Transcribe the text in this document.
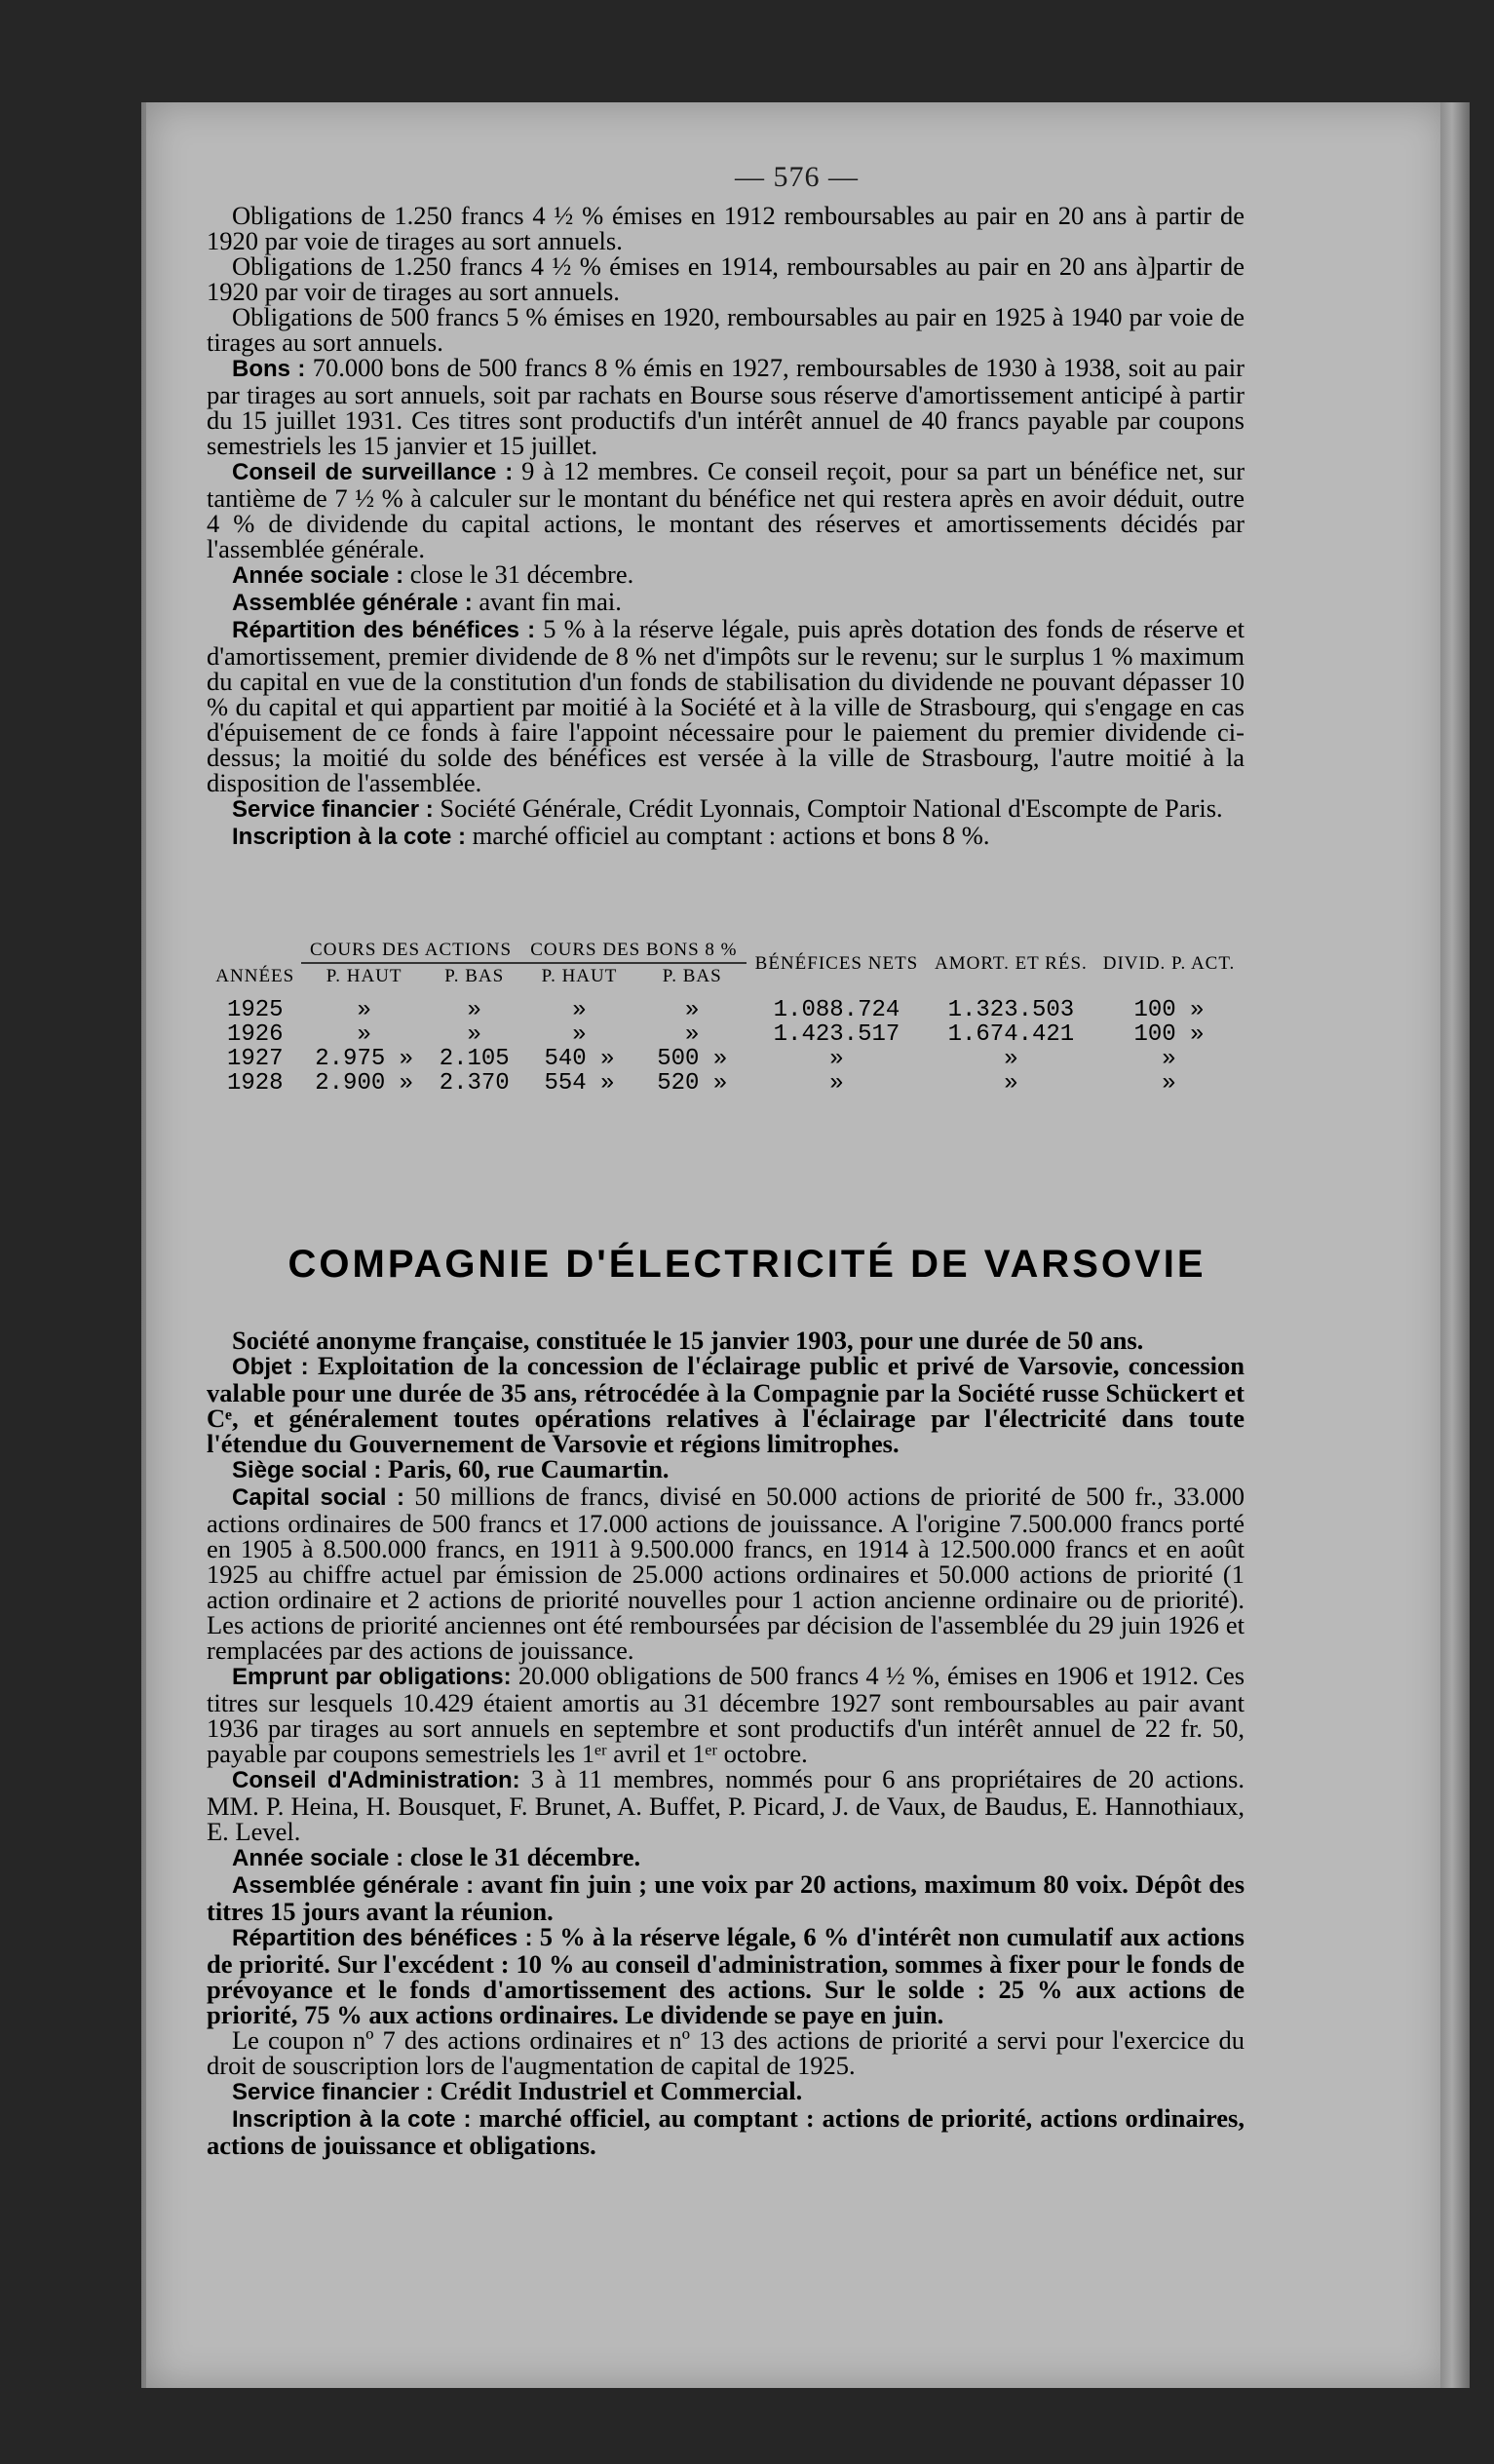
— 576 —

Obligations de 1.250 francs 4 ½ % émises en 1912 remboursables au pair en 20 ans à partir de 1920 par voie de tirages au sort annuels.

Obligations de 1.250 francs 4 ½ % émises en 1914, remboursables au pair en 20 ans à]partir de 1920 par voir de tirages au sort annuels.

Obligations de 500 francs 5 % émises en 1920, remboursables au pair en 1925 à 1940 par voie de tirages au sort annuels.

Bons : 70.000 bons de 500 francs 8 % émis en 1927, remboursables de 1930 à 1938, soit au pair par tirages au sort annuels, soit par rachats en Bourse sous réserve d'amortissement anticipé à partir du 15 juillet 1931. Ces titres sont productifs d'un intérêt annuel de 40 francs payable par coupons semestriels les 15 janvier et 15 juillet.

Conseil de surveillance : 9 à 12 membres. Ce conseil reçoit, pour sa part un bénéfice net, sur tantième de 7 ½ % à calculer sur le montant du bénéfice net qui restera après en avoir déduit, outre 4 % de dividende du capital actions, le montant des réserves et amortissements décidés par l'assemblée générale.

Année sociale : close le 31 décembre.

Assemblée générale : avant fin mai.

Répartition des bénéfices : 5 % à la réserve légale, puis après dotation des fonds de réserve et d'amortissement, premier dividende de 8 % net d'impôts sur le revenu; sur le surplus 1 % maximum du capital en vue de la constitution d'un fonds de stabilisation du dividende ne pouvant dépasser 10 % du capital et qui appartient par moitié à la Société et à la ville de Strasbourg, qui s'engage en cas d'épuisement de ce fonds à faire l'appoint nécessaire pour le paiement du premier dividende ci-dessus; la moitié du solde des bénéfices est versée à la ville de Strasbourg, l'autre moitié à la disposition de l'assemblée.

Service financier : Société Générale, Crédit Lyonnais, Comptoir National d'Escompte de Paris.

Inscription à la cote : marché officiel au comptant : actions et bons 8 %.

	COURS DES ACTIONS		COURS DES BONS 8 %		BÉNÉFICES NETS	AMORT. ET RÉS.	DIVID. P. ACT.
ANNÉES	P. HAUT	P. BAS	P. HAUT	P. BAS			

1925	»	»	»	»	1.088.724	1.323.503	100 »
1926	»	»	»	»	1.423.517	1.674.421	100 »
1927	2.975 »	2.105	540 »	500 »	»	»	»
1928	2.900 »	2.370	554 »	520 »	»	»	»
COMPAGNIE D'ÉLECTRICITÉ DE VARSOVIE

Société anonyme française, constituée le 15 janvier 1903, pour une durée de 50 ans.

Objet : Exploitation de la concession de l'éclairage public et privé de Varsovie, concession valable pour une durée de 35 ans, rétrocédée à la Compagnie par la Société russe Schückert et Cᵉ, et généralement toutes opérations relatives à l'éclairage par l'électricité dans toute l'étendue du Gouvernement de Varsovie et régions limitrophes.

Siège social : Paris, 60, rue Caumartin.

Capital social : 50 millions de francs, divisé en 50.000 actions de priorité de 500 fr., 33.000 actions ordinaires de 500 francs et 17.000 actions de jouissance. A l'origine 7.500.000 francs porté en 1905 à 8.500.000 francs, en 1911 à 9.500.000 francs, en 1914 à 12.500.000 francs et en août 1925 au chiffre actuel par émission de 25.000 actions ordinaires et 50.000 actions de priorité (1 action ordinaire et 2 actions de priorité nouvelles pour 1 action ancienne ordinaire ou de priorité). Les actions de priorité anciennes ont été remboursées par décision de l'assemblée du 29 juin 1926 et remplacées par des actions de jouissance.

Emprunt par obligations: 20.000 obligations de 500 francs 4 ½ %, émises en 1906 et 1912. Ces titres sur lesquels 10.429 étaient amortis au 31 décembre 1927 sont remboursables au pair avant 1936 par tirages au sort annuels en septembre et sont productifs d'un intérêt annuel de 22 fr. 50, payable par coupons semestriels les 1ᵉʳ avril et 1ᵉʳ octobre.

Conseil d'Administration: 3 à 11 membres, nommés pour 6 ans propriétaires de 20 actions. MM. P. Heina, H. Bousquet, F. Brunet, A. Buffet, P. Picard, J. de Vaux, de Baudus, E. Hannothiaux, E. Level.

Année sociale : close le 31 décembre.

Assemblée générale : avant fin juin ; une voix par 20 actions, maximum 80 voix. Dépôt des titres 15 jours avant la réunion.

Répartition des bénéfices : 5 % à la réserve légale, 6 % d'intérêt non cumulatif aux actions de priorité. Sur l'excédent : 10 % au conseil d'administration, sommes à fixer pour le fonds de prévoyance et le fonds d'amortissement des actions. Sur le solde : 25 % aux actions de priorité, 75 % aux actions ordinaires. Le dividende se paye en juin.

Le coupon nº 7 des actions ordinaires et nº 13 des actions de priorité a servi pour l'exercice du droit de souscription lors de l'augmentation de capital de 1925.

Service financier : Crédit Industriel et Commercial.

Inscription à la cote : marché officiel, au comptant : actions de priorité, actions ordinaires, actions de jouissance et obligations.
